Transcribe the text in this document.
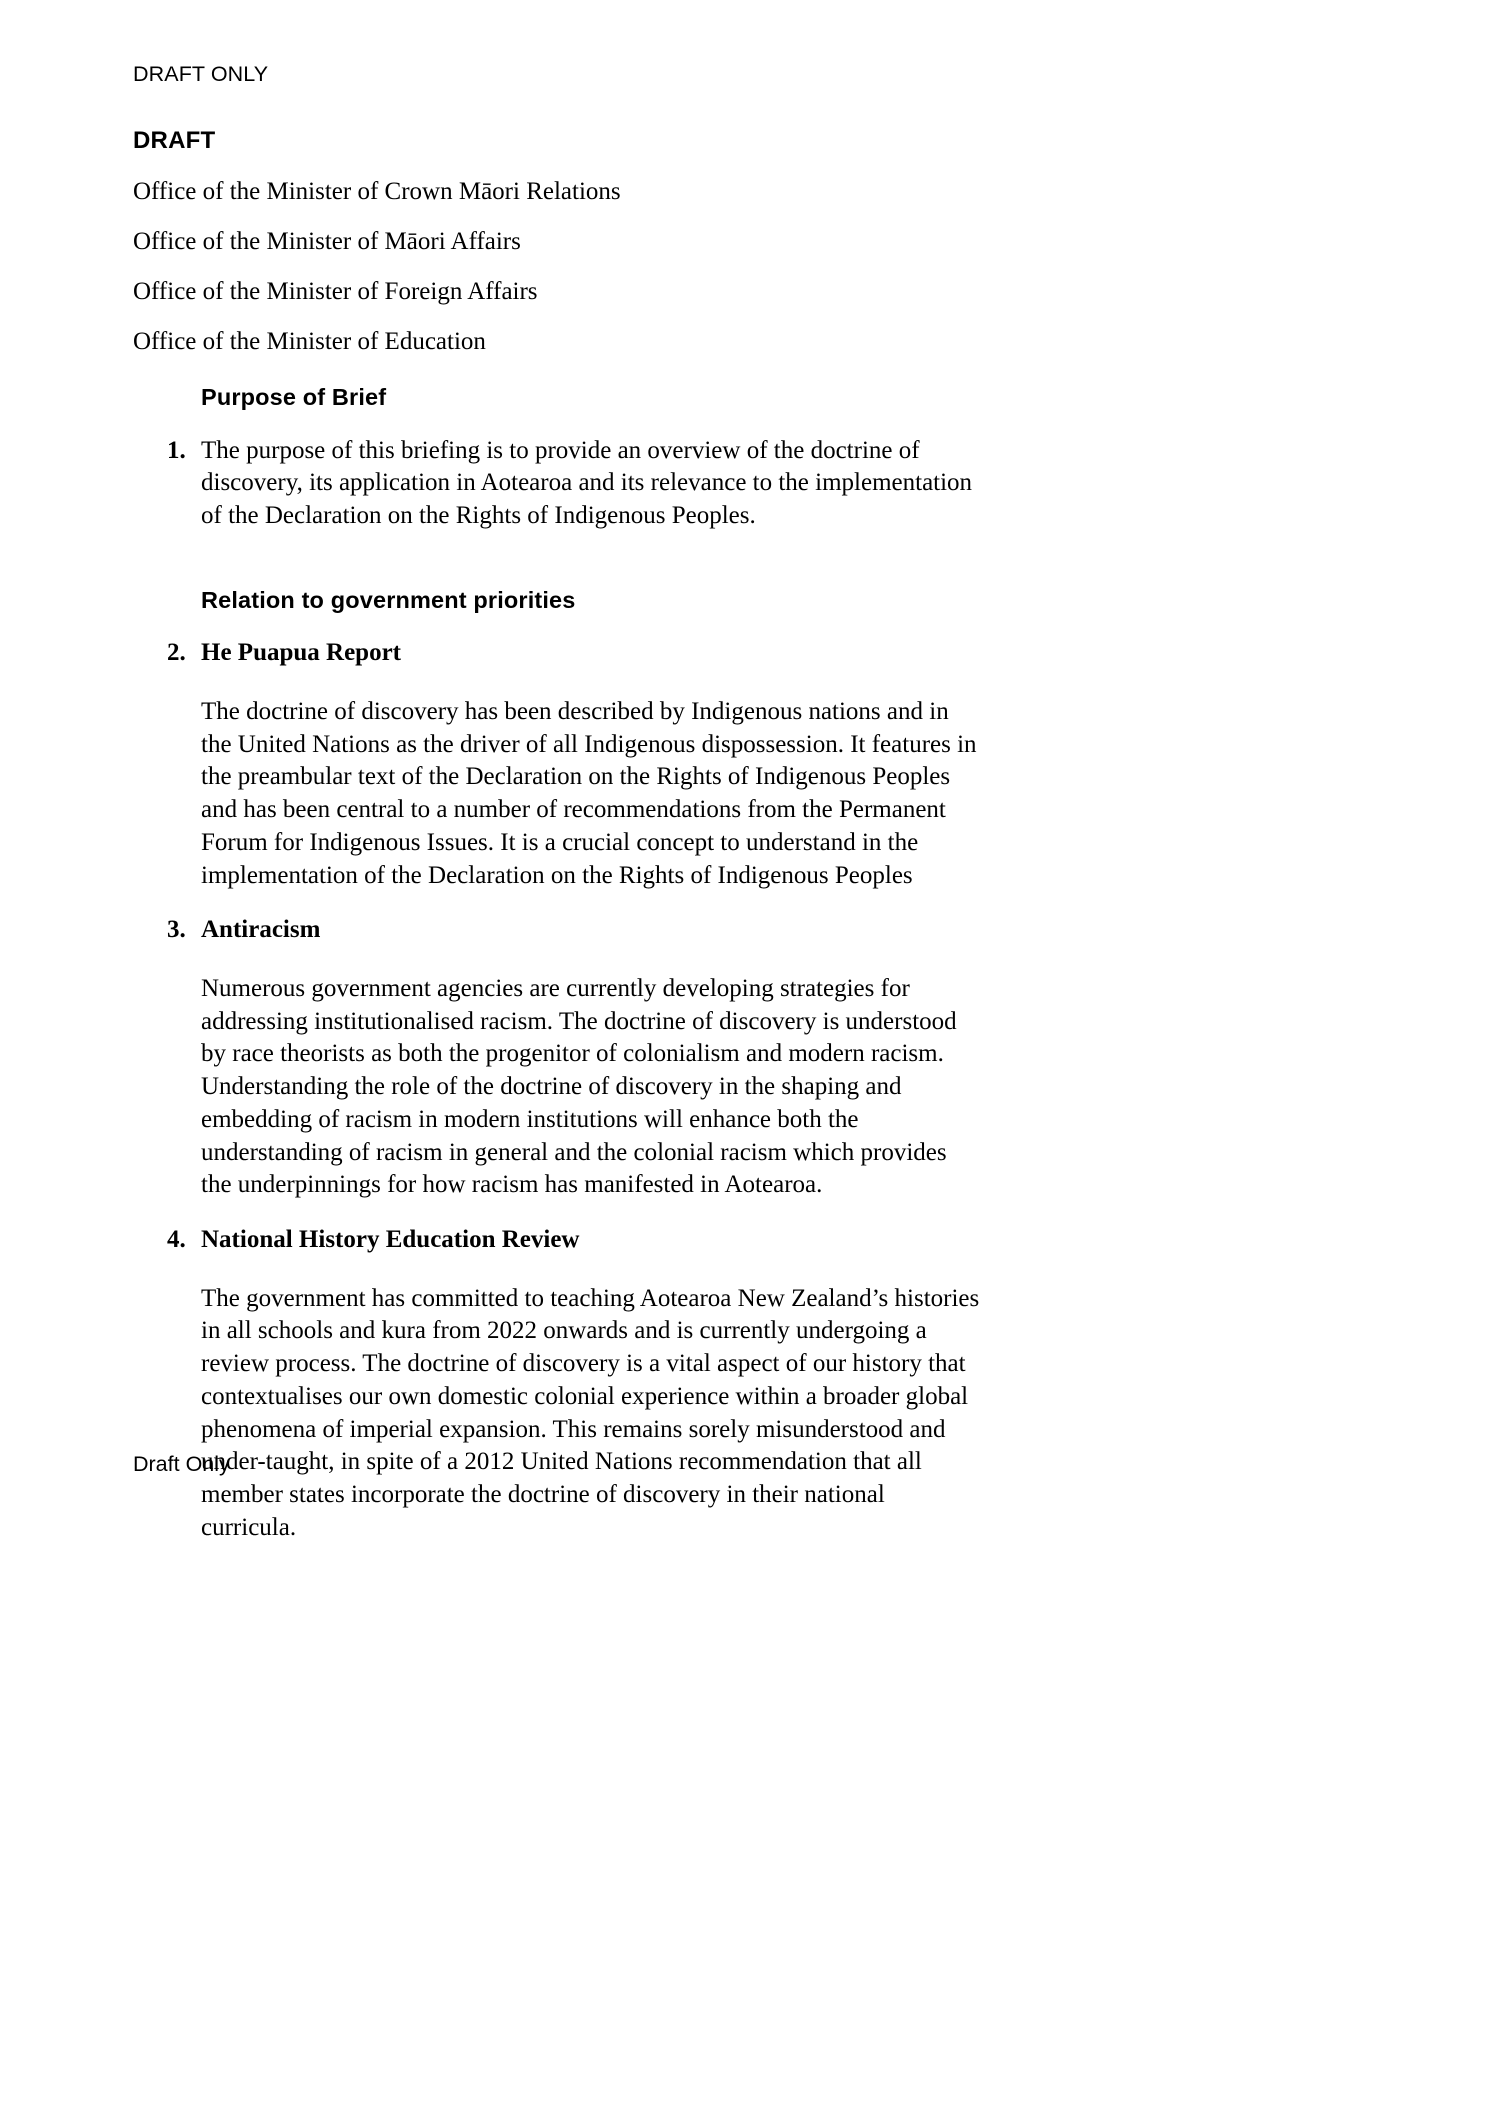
DRAFT ONLY
DRAFT

Office of the Minister of Crown Māori Relations

Office of the Minister of Māori Affairs

Office of the Minister of Foreign Affairs

Office of the Minister of Education

Purpose of Brief
1. The purpose of this briefing is to provide an overview of the doctrine of discovery, its application in Aotearoa and its relevance to the implementation of the Declaration on the Rights of Indigenous Peoples.

Relation to government priorities
2. He Puapua Report

The doctrine of discovery has been described by Indigenous nations and in the United Nations as the driver of all Indigenous dispossession. It features in the preambular text of the Declaration on the Rights of Indigenous Peoples and has been central to a number of recommendations from the Permanent Forum for Indigenous Issues. It is a crucial concept to understand in the implementation of the Declaration on the Rights of Indigenous Peoples

3. Antiracism

Numerous government agencies are currently developing strategies for addressing institutionalised racism. The doctrine of discovery is understood by race theorists as both the progenitor of colonialism and modern racism. Understanding the role of the doctrine of discovery in the shaping and embedding of racism in modern institutions will enhance both the understanding of racism in general and the colonial racism which provides the underpinnings for how racism has manifested in Aotearoa.

4. National History Education Review

The government has committed to teaching Aotearoa New Zealand’s histories in all schools and kura from 2022 onwards and is currently undergoing a review process. The doctrine of discovery is a vital aspect of our history that contextualises our own domestic colonial experience within a broader global phenomena of imperial expansion. This remains sorely misunderstood and under-taught, in spite of a 2012 United Nations recommendation that all member states incorporate the doctrine of discovery in their national curricula.

Draft Only
